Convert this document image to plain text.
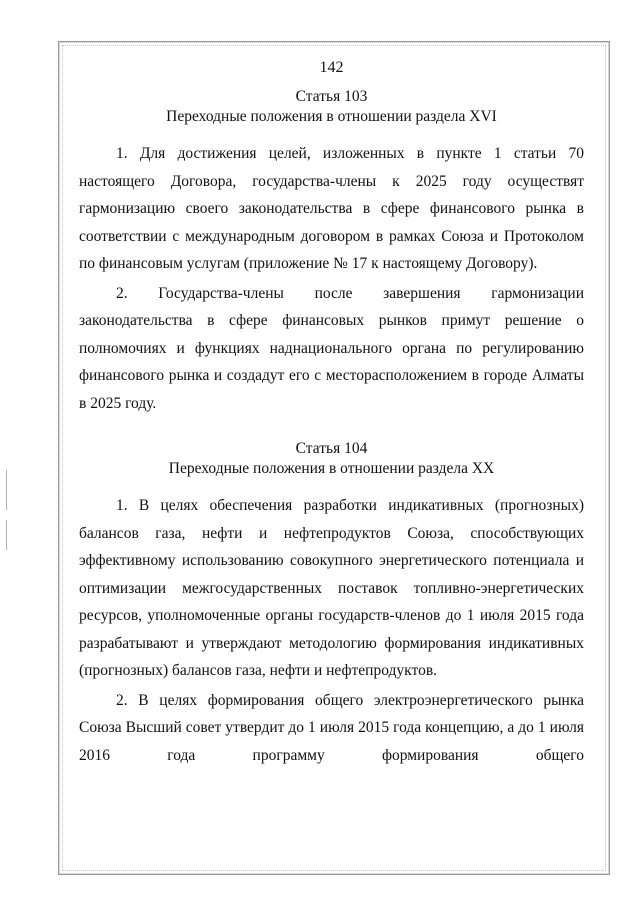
142

Статья 103

Переходные положения в отношении раздела XVI

1. Для достижения целей, изложенных в пункте 1 статьи 70 настоящего Договора, государства-члены к 2025 году осуществят гармонизацию своего законодательства в сфере финансового рынка в соответствии с международным договором в рамках Союза и Протоколом по финансовым услугам (приложение № 17 к настоящему Договору).

2. Государства-члены после завершения гармонизации законодательства в сфере финансовых рынков примут решение о полномочиях и функциях наднационального органа по регулированию финансового рынка и создадут его с месторасположением в городе Алматы в 2025 году.

Статья 104

Переходные положения в отношении раздела XX

1. В целях обеспечения разработки индикативных (прогнозных) балансов газа, нефти и нефтепродуктов Союза, способствующих эффективному использованию совокупного энергетического потенциала и оптимизации межгосударственных поставок топливно-энергетических ресурсов, уполномоченные органы государств-членов до 1 июля 2015 года разрабатывают и утверждают методологию формирования индикативных (прогнозных) балансов газа, нефти и нефтепродуктов.

2. В целях формирования общего электроэнергетического рынка Союза Высший совет утвердит до 1 июля 2015 года концепцию, а до 1 июля 2016 года программу формирования общего
